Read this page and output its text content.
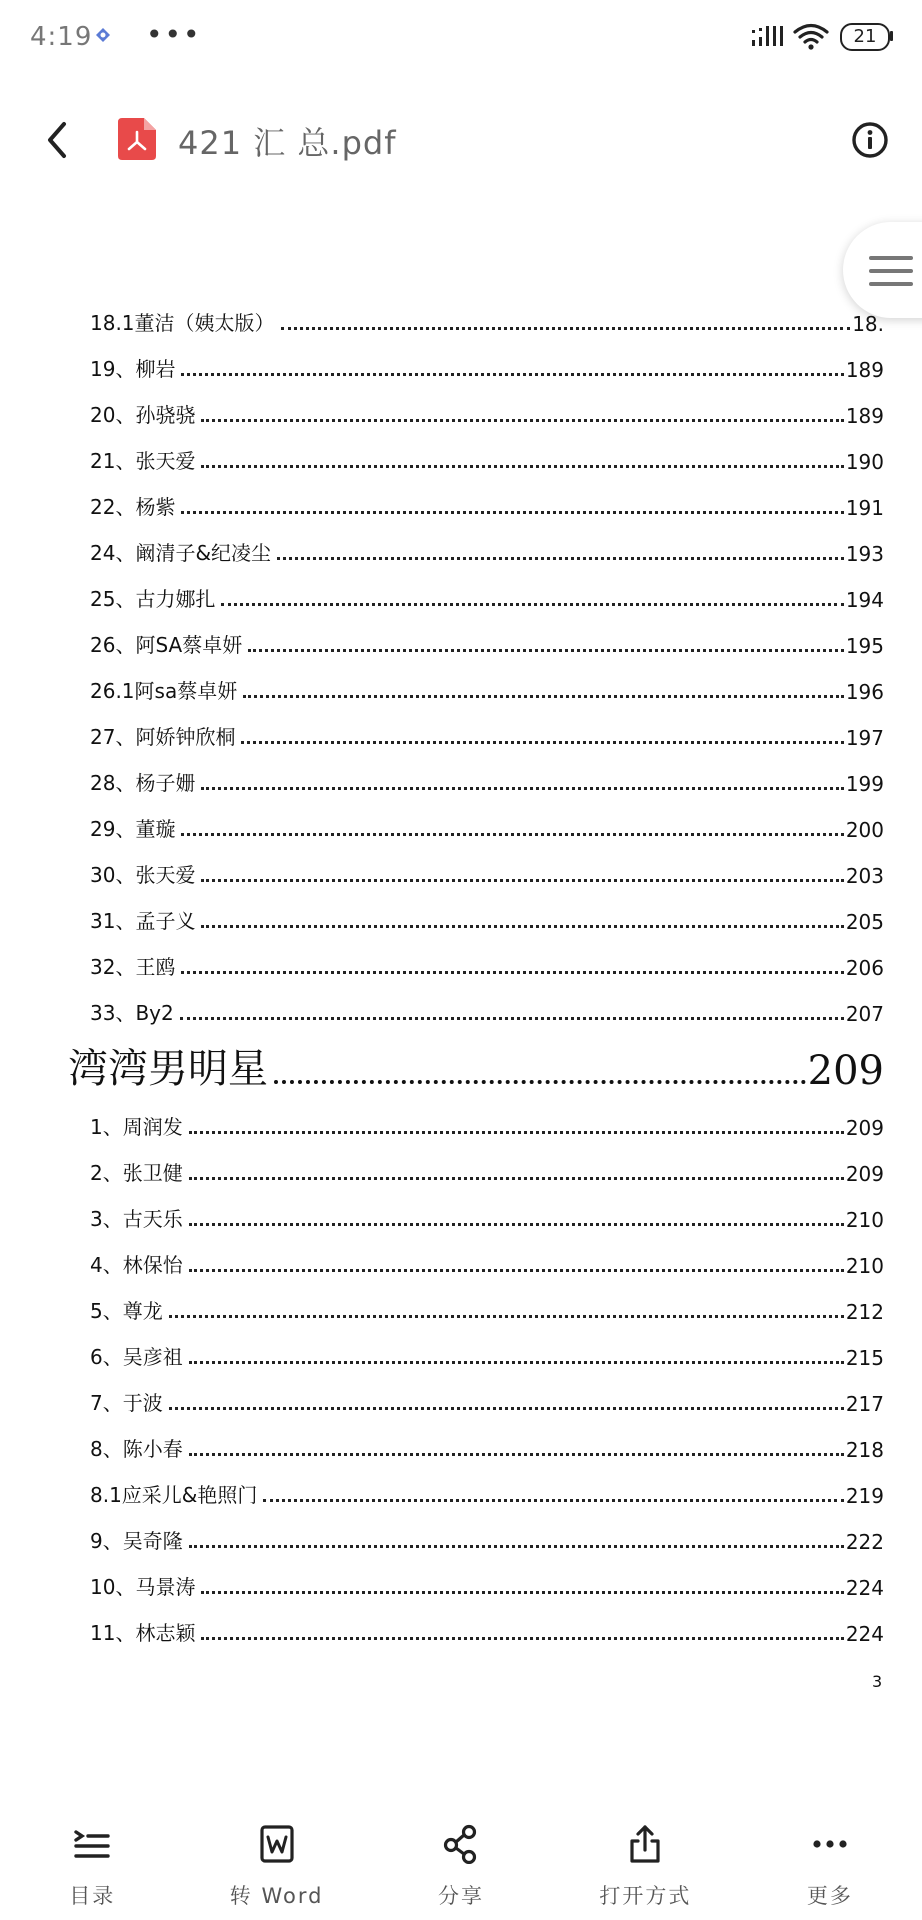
4:19 •••	21
421 汇 总.pdf
18.1董洁（姨太版）	18.
19、柳岩	189
20、孙骁骁	189
21、张天爱	190
22、杨紫	191
24、阚清子&纪凌尘	193
25、古力娜扎	194
26、阿SA蔡卓妍	195
26.1阿sa蔡卓妍	196
27、阿娇钟欣桐	197
28、杨子姗	199
29、董璇	200
30、张天爱	203
31、孟子义	205
32、王鸥	206
33、By2	207
湾湾男明星	209
1、周润发	209
2、张卫健	209
3、古天乐	210
4、林保怡	210
5、尊龙	212
6、吴彦祖	215
7、于波	217
8、陈小春	218
8.1应采儿&艳照门	219
9、吴奇隆	222
10、马景涛	224
11、林志颖	224
3
目录	转 Word	分享	打开方式	更多
